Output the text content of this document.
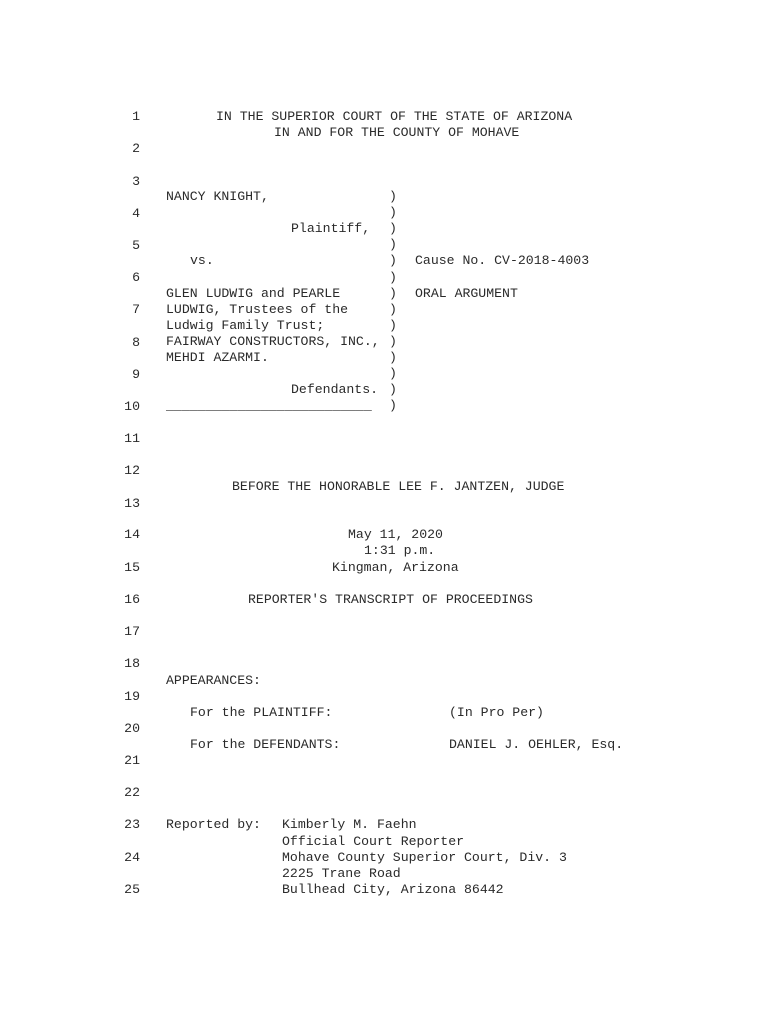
1
2
3
4
5
6
7
8
9
10
11
12
13
14
15
16
17
18
19
20
21
22
23
24
25
IN THE SUPERIOR COURT OF THE STATE OF ARIZONA
IN AND FOR THE COUNTY OF MOHAVE
NANCY KNIGHT,
Plaintiff,
vs.
GLEN LUDWIG and PEARLE
LUDWIG, Trustees of the
Ludwig Family Trust;
FAIRWAY CONSTRUCTORS, INC.,
MEHDI AZARMI.
Defendants.
__________________________
)
)
)
)
)
)
)
)
)
)
)
)
)
)
Cause No. CV-2018-4003
ORAL ARGUMENT
BEFORE THE HONORABLE LEE F. JANTZEN, JUDGE
May 11, 2020
1:31 p.m.
Kingman, Arizona
REPORTER'S TRANSCRIPT OF PROCEEDINGS
APPEARANCES:
For the PLAINTIFF:	(In Pro Per)
For the DEFENDANTS:	DANIEL J. OEHLER, Esq.
Reported by: Kimberly M. Faehn
Official Court Reporter
Mohave County Superior Court, Div. 3
2225 Trane Road
Bullhead City, Arizona 86442
